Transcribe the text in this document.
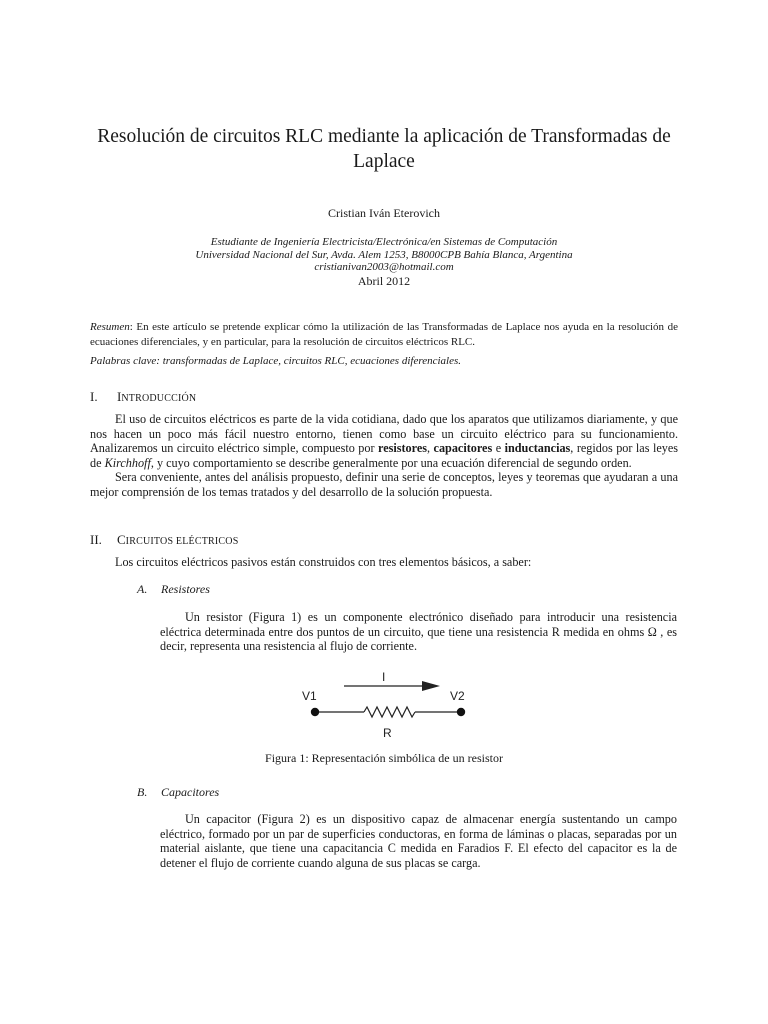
Resolución de circuitos RLC mediante la aplicación de Transformadas de Laplace
Cristian Iván Eterovich
Estudiante de Ingeniería Electricista/Electrónica/en Sistemas de Computación
Universidad Nacional del Sur, Avda. Alem 1253, B8000CPB Bahía Blanca, Argentina
cristianivan2003@hotmail.com
Abril 2012
Resumen: En este artículo se pretende explicar cómo la utilización de las Transformadas de Laplace nos ayuda en la resolución de ecuaciones diferenciales, y en particular, para la resolución de circuitos eléctricos RLC.
Palabras clave: transformadas de Laplace, circuitos RLC, ecuaciones diferenciales.
I. INTRODUCCIÓN

El uso de circuitos eléctricos es parte de la vida cotidiana, dado que los aparatos que utilizamos diariamente, y que nos hacen un poco más fácil nuestro entorno, tienen como base un circuito eléctrico para su funcionamiento. Analizaremos un circuito eléctrico simple, compuesto por resistores, capacitores e inductancias, regidos por las leyes de Kirchhoff, y cuyo comportamiento se describe generalmente por una ecuación diferencial de segundo orden.

Sera conveniente, antes del análisis propuesto, definir una serie de conceptos, leyes y teoremas que ayudaran a una mejor comprensión de los temas tratados y del desarrollo de la solución propuesta.

II. CIRCUITOS ELÉCTRICOS
Los circuitos eléctricos pasivos están construidos con tres elementos básicos, a saber:
A. Resistores
Un resistor (Figura 1) es un componente electrónico diseñado para introducir una resistencia eléctrica determinada entre dos puntos de un circuito, que tiene una resistencia R medida en ohms Ω , es decir, representa una resistencia al flujo de corriente.
I
V1	V2
R
Figura 1: Representación simbólica de un resistor
B. Capacitores
Un capacitor (Figura 2) es un dispositivo capaz de almacenar energía sustentando un campo eléctrico, formado por un par de superficies conductoras, en forma de láminas o placas, separadas por un material aislante, que tiene una capacitancia C medida en Faradios F. El efecto del capacitor es la de detener el flujo de corriente cuando alguna de sus placas se carga.
